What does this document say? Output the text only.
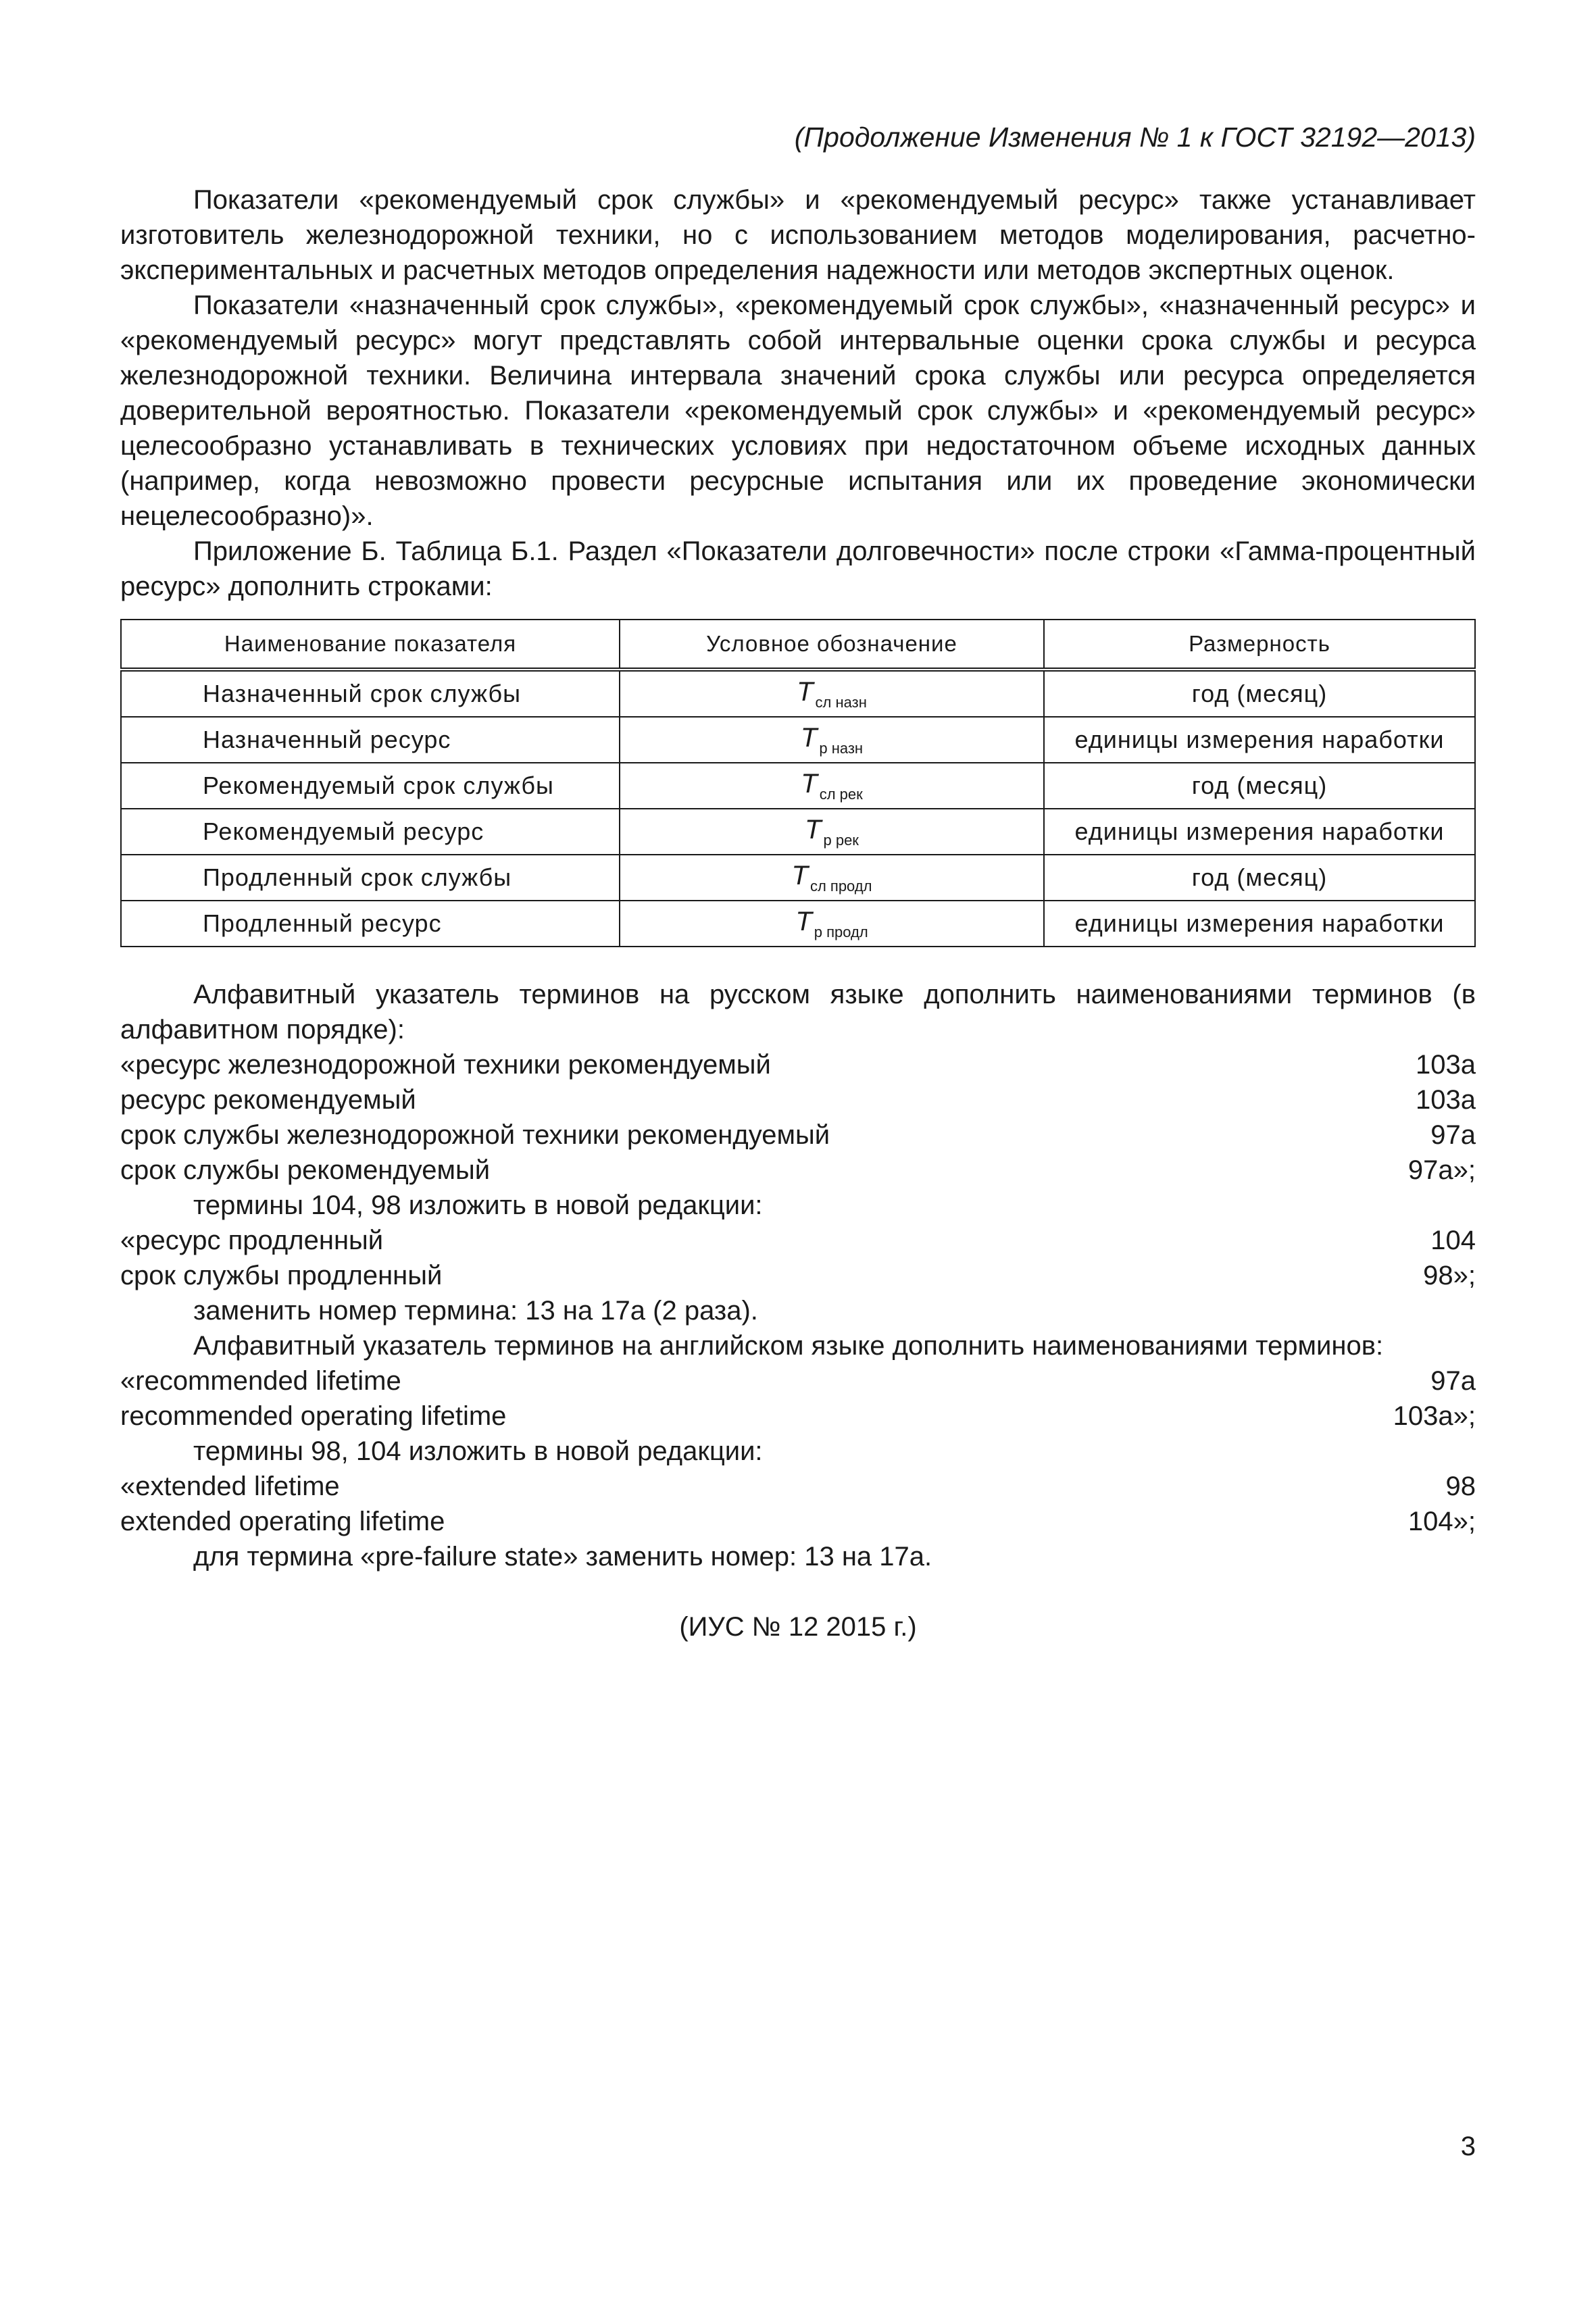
(Продолжение Изменения № 1 к ГОСТ 32192—2013)

Показатели «рекомендуемый срок службы» и «рекомендуемый ресурс» также устанавливает изготовитель железнодорожной техники, но с использованием методов моделирования, расчетно-экспериментальных и расчетных методов определения надежности или методов экспертных оценок.

Показатели «назначенный срок службы», «рекомендуемый срок службы», «назначенный ресурс» и «рекомендуемый ресурс» могут представлять собой интервальные оценки срока службы и ресурса железнодорожной техники. Величина интервала значений срока службы или ресурса определяется доверительной вероятностью. Показатели «рекомендуемый срок службы» и «рекомендуемый ресурс» целесообразно устанавливать в технических условиях при недостаточном объеме исходных данных (например, когда невозможно провести ресурсные испытания или их проведение экономически нецелесообразно)».

Приложение Б. Таблица Б.1. Раздел «Показатели долговечности» после строки «Гамма-процентный ресурс» дополнить строками:

Наименование показателя	Условное обозначение	Размерность
Назначенный срок службы	$T_{сл назн}$	год (месяц)
Назначенный ресурс	$T_{р назн}$	единицы измерения наработки
Рекомендуемый срок службы	$T_{сл рек}$	год (месяц)
Рекомендуемый ресурс	$T_{р рек}$	единицы измерения наработки
Продленный срок службы	$T_{сл продл}$	год (месяц)
Продленный ресурс	$T_{р продл}$	единицы измерения наработки

Алфавитный указатель терминов на русском языке дополнить наименованиями терминов (в алфавитном порядке):

«ресурс железнодорожной техники рекомендуемый	103а
ресурс рекомендуемый	103а
срок службы железнодорожной техники рекомендуемый	97а
срок службы рекомендуемый	97а»;

термины 104, 98 изложить в новой редакции:

«ресурс продленный	104
срок службы продленный	98»;

заменить номер термина: 13 на 17а (2 раза).

Алфавитный указатель терминов на английском языке дополнить наименованиями терминов:

«recommended lifetime	97a
recommended operating lifetime	103a»;

термины 98, 104 изложить в новой редакции:

«extended lifetime	98
extended operating lifetime	104»;

для термина «pre-failure state» заменить номер: 13 на 17а.

(ИУС № 12 2015 г.)
3
